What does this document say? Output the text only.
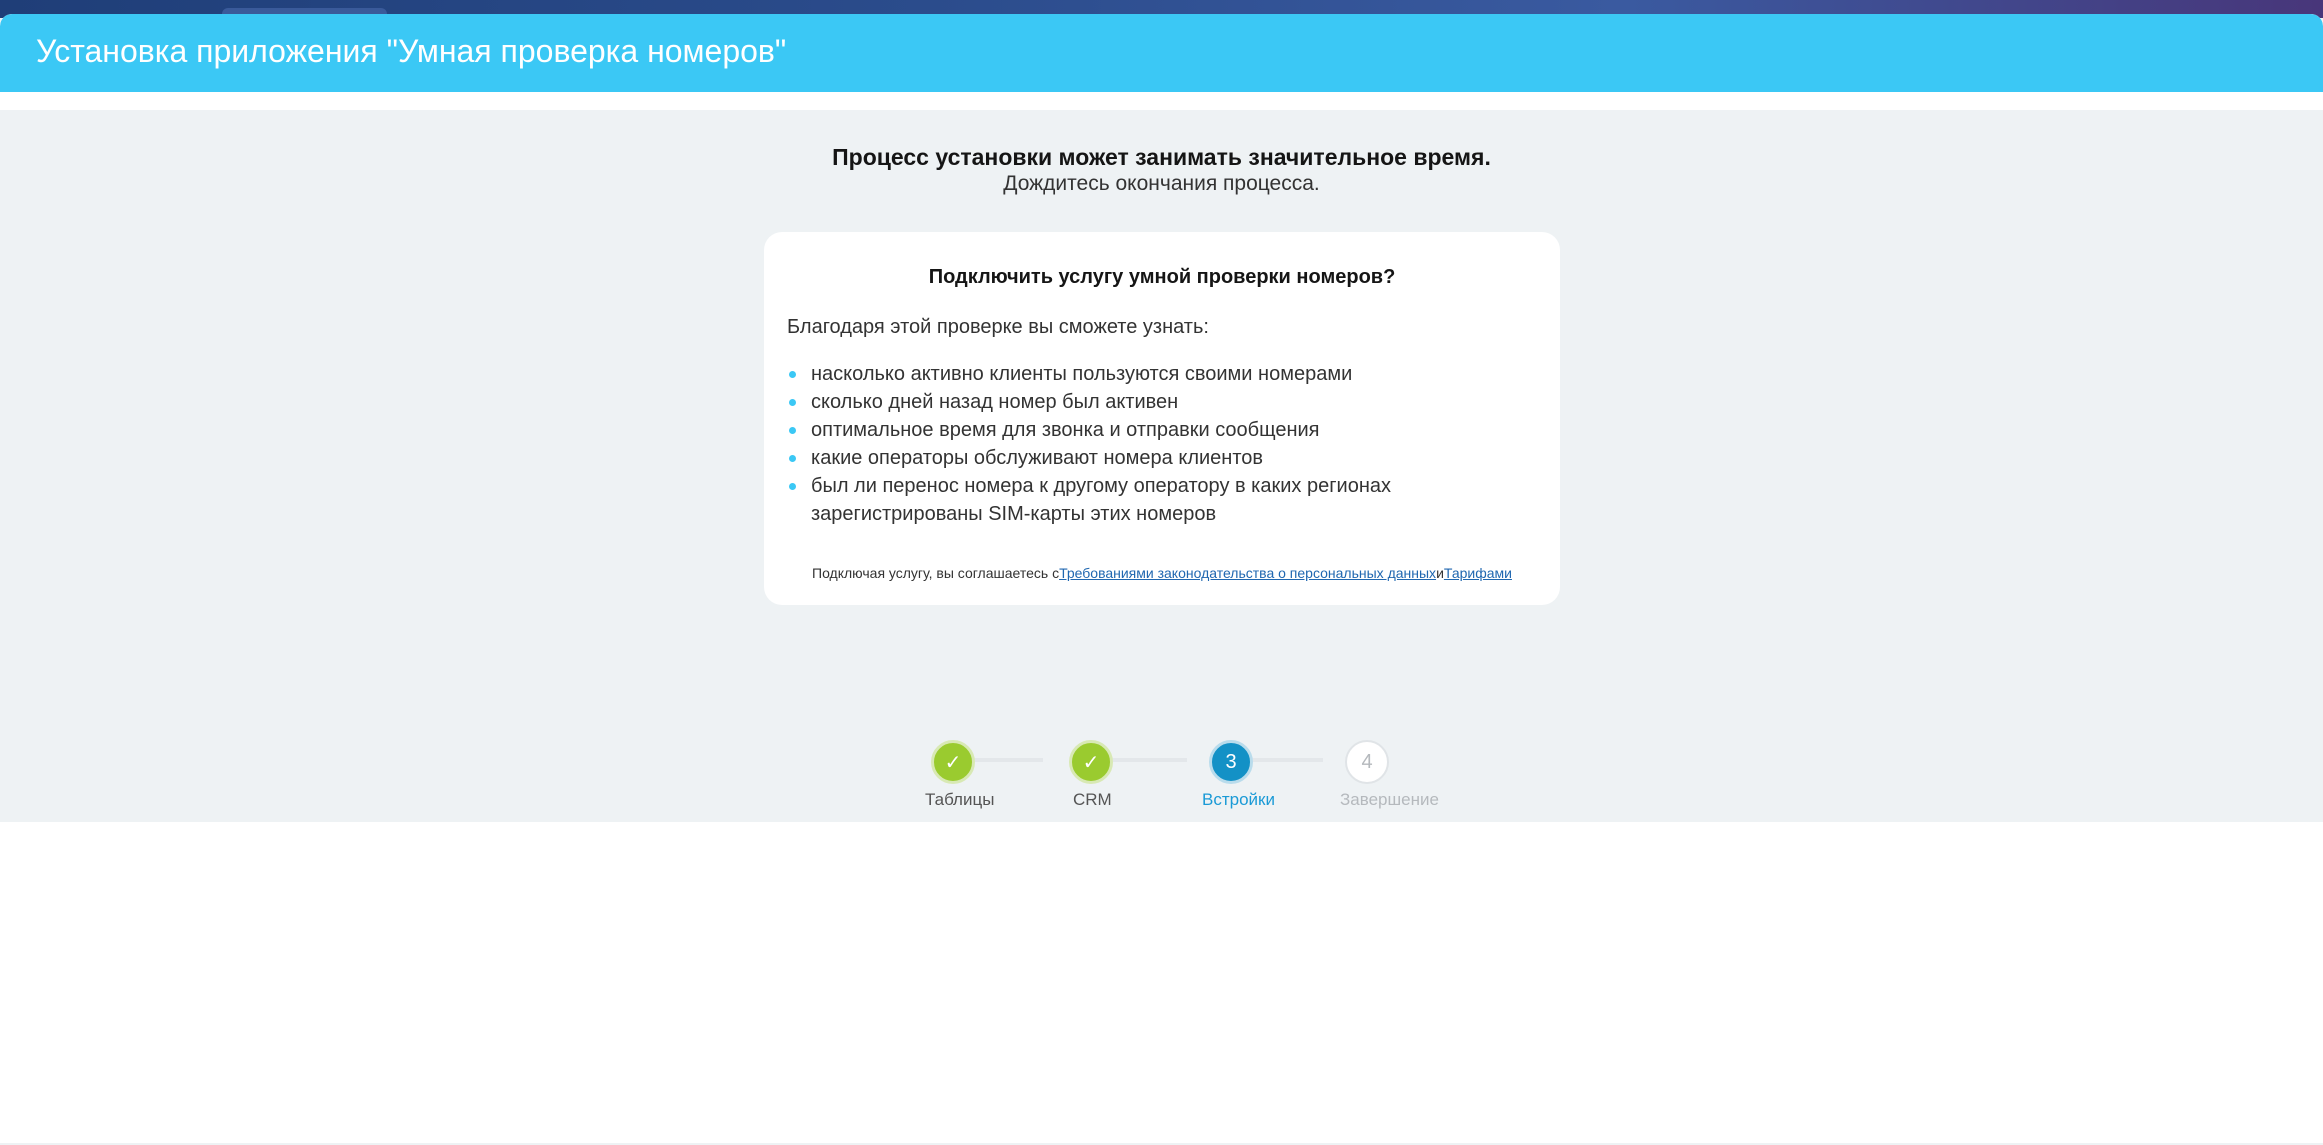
Установка приложения "Умная проверка номеров"
Процесс установки может занимать значительное время.
Дождитесь окончания процесса.
Подключить услугу умной проверки номеров?
Благодаря этой проверке вы сможете узнать:
насколько активно клиенты пользуются своими номерами
сколько дней назад номер был активен
оптимальное время для звонка и отправки сообщения
какие операторы обслуживают номера клиентов
был ли перенос номера к другому оператору в каких регионах зарегистрированы SIM-карты этих номеров
Подключая услугу, вы соглашаетесь сТребованиями законодательства о персональных данныхиТарифами
✓
Таблицы
✓
CRM
3
Встройки
4
Завершение
